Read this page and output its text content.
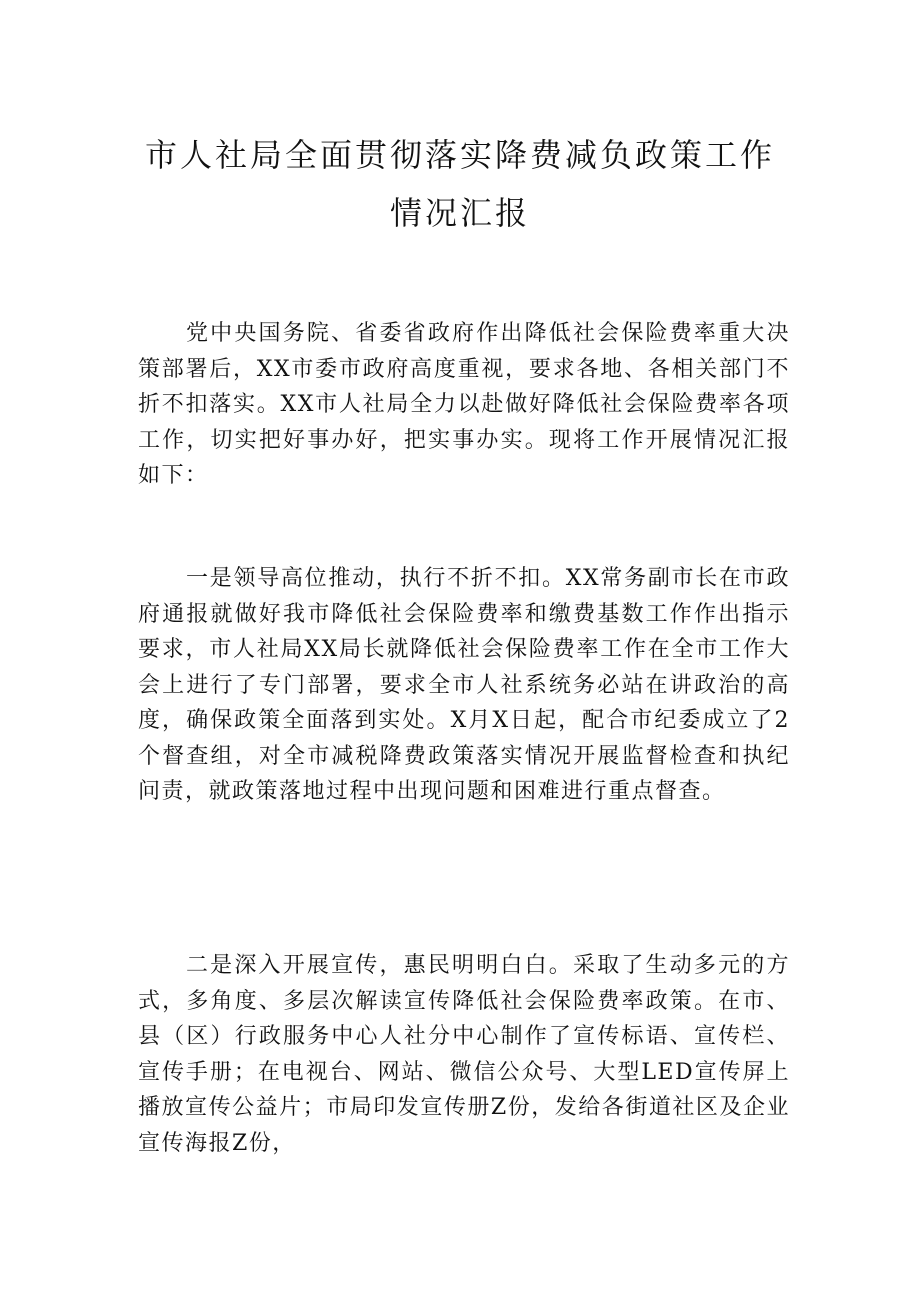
市人社局全面贯彻落实降费减负政策工作
情况汇报

党中央国务院、省委省政府作出降低社会保险费率重大决策部署后，XX市委市政府高度重视，要求各地、各相关部门不折不扣落实。XX市人社局全力以赴做好降低社会保险费率各项工作，切实把好事办好，把实事办实。现将工作开展情况汇报如下：

一是领导高位推动，执行不折不扣。XX常务副市长在市政府通报就做好我市降低社会保险费率和缴费基数工作作出指示要求，市人社局XX局长就降低社会保险费率工作在全市工作大会上进行了专门部署，要求全市人社系统务必站在讲政治的高度，确保政策全面落到实处。X月X日起，配合市纪委成立了2个督查组，对全市减税降费政策落实情况开展监督检查和执纪问责，就政策落地过程中出现问题和困难进行重点督查。

二是深入开展宣传，惠民明明白白。采取了生动多元的方式，多角度、多层次解读宣传降低社会保险费率政策。在市、县（区）行政服务中心人社分中心制作了宣传标语、宣传栏、宣传手册；在电视台、网站、微信公众号、大型LED宣传屏上播放宣传公益片；市局印发宣传册Z份，发给各街道社区及企业宣传海报Z份，
